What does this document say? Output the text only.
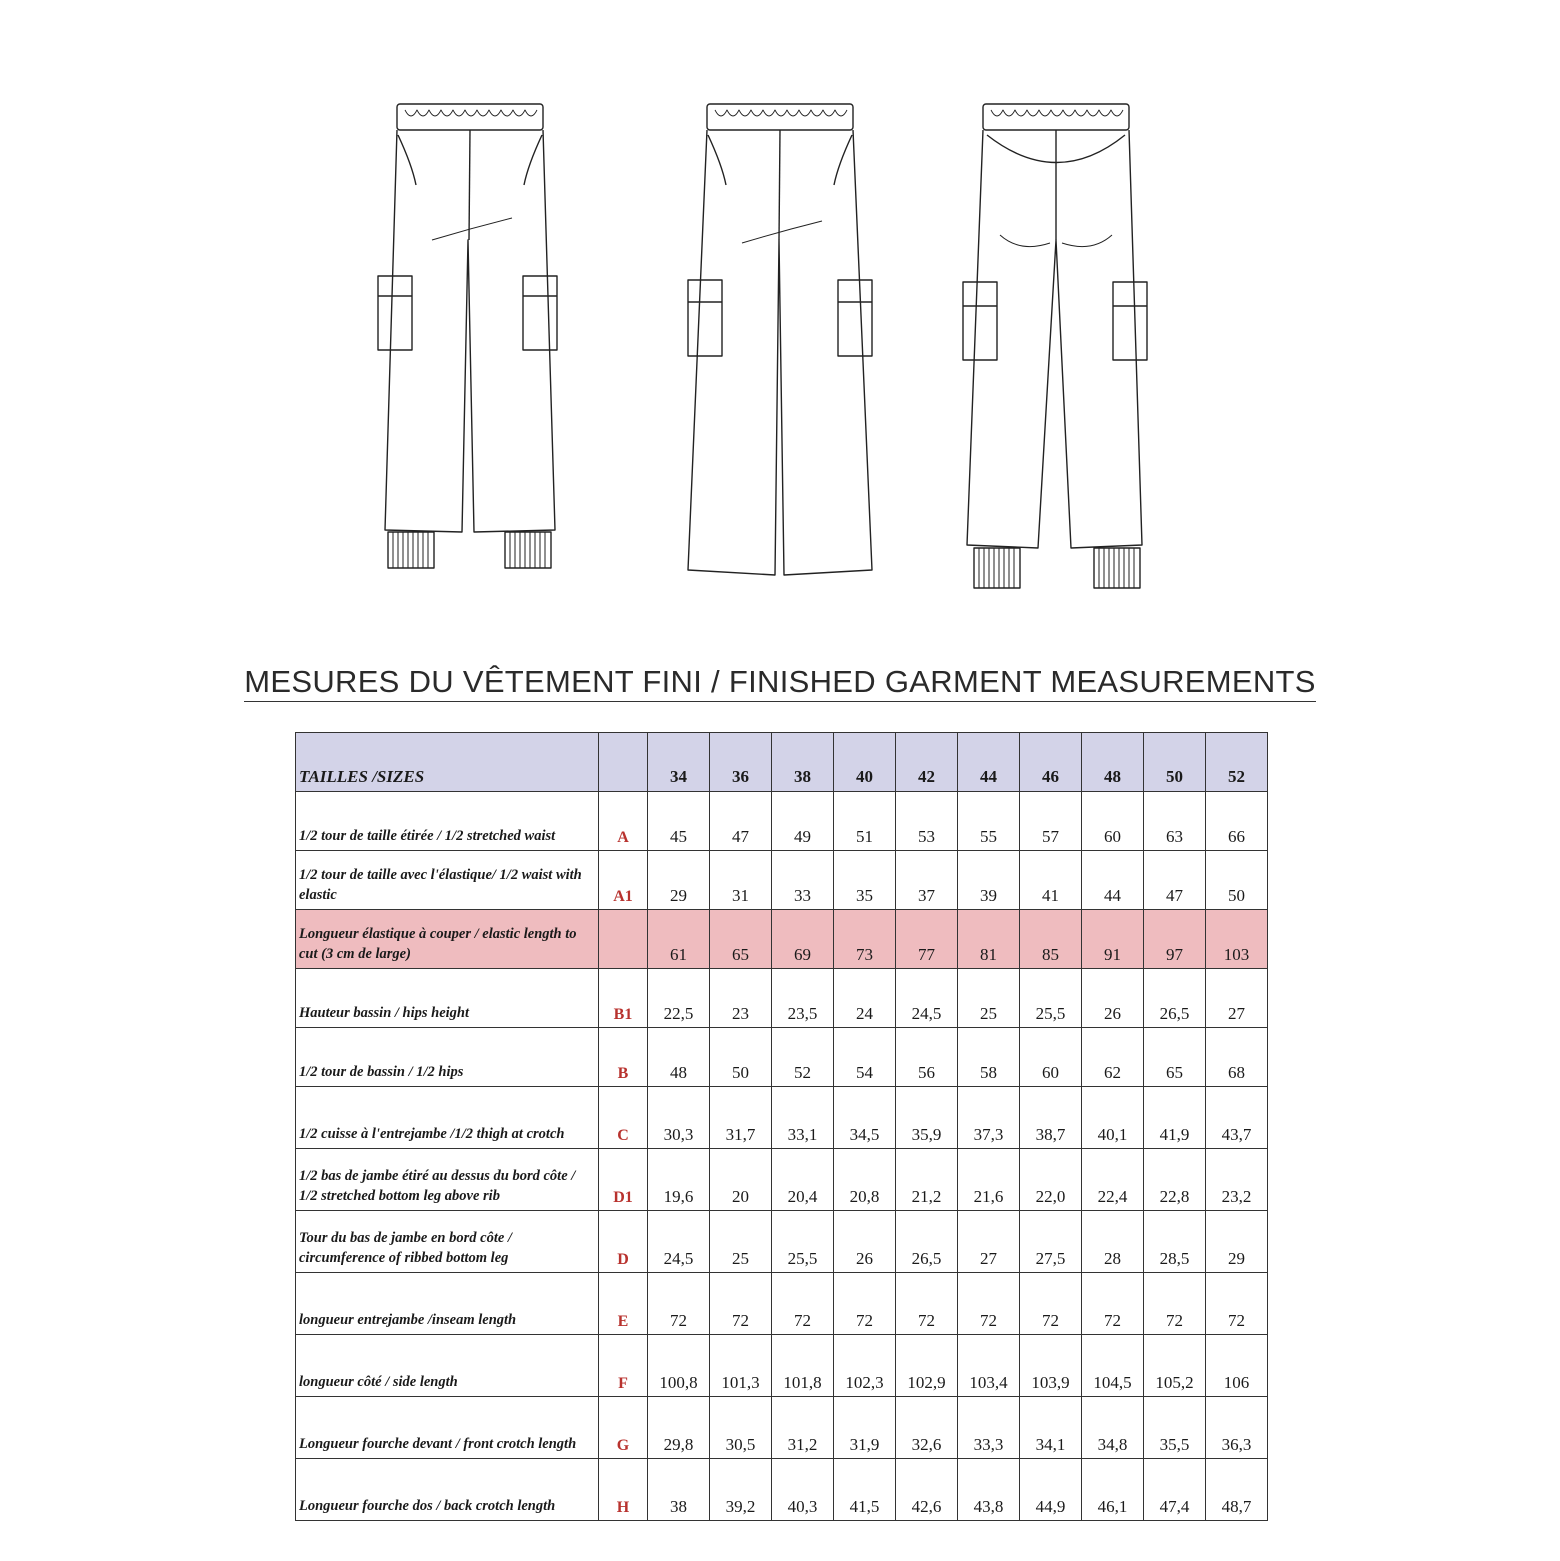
MESURES DU VÊTEMENT FINI / FINISHED GARMENT MEASUREMENTS
TAILLES /SIZES		34	36	38	40	42	44	46	48	50	52
1/2 tour de taille étirée / 1/2 stretched waist	A	45	47	49	51	53	55	57	60	63	66
1/2 tour de taille avec l'élastique/ 1/2 waist with elastic	A1	29	31	33	35	37	39	41	44	47	50
Longueur élastique à couper / elastic length to cut (3 cm de large)		61	65	69	73	77	81	85	91	97	103
Hauteur bassin / hips height	B1	22,5	23	23,5	24	24,5	25	25,5	26	26,5	27
1/2 tour de bassin / 1/2 hips	B	48	50	52	54	56	58	60	62	65	68
1/2 cuisse à l'entrejambe /1/2 thigh at crotch	C	30,3	31,7	33,1	34,5	35,9	37,3	38,7	40,1	41,9	43,7
1/2 bas de jambe étiré au dessus du bord côte / 1/2 stretched bottom leg above rib	D1	19,6	20	20,4	20,8	21,2	21,6	22,0	22,4	22,8	23,2
Tour du bas de jambe en bord côte / circumference of ribbed bottom leg	D	24,5	25	25,5	26	26,5	27	27,5	28	28,5	29
longueur entrejambe /inseam length	E	72	72	72	72	72	72	72	72	72	72
longueur côté / side length	F	100,8	101,3	101,8	102,3	102,9	103,4	103,9	104,5	105,2	106
Longueur fourche devant / front crotch length	G	29,8	30,5	31,2	31,9	32,6	33,3	34,1	34,8	35,5	36,3
Longueur fourche dos / back crotch length	H	38	39,2	40,3	41,5	42,6	43,8	44,9	46,1	47,4	48,7
